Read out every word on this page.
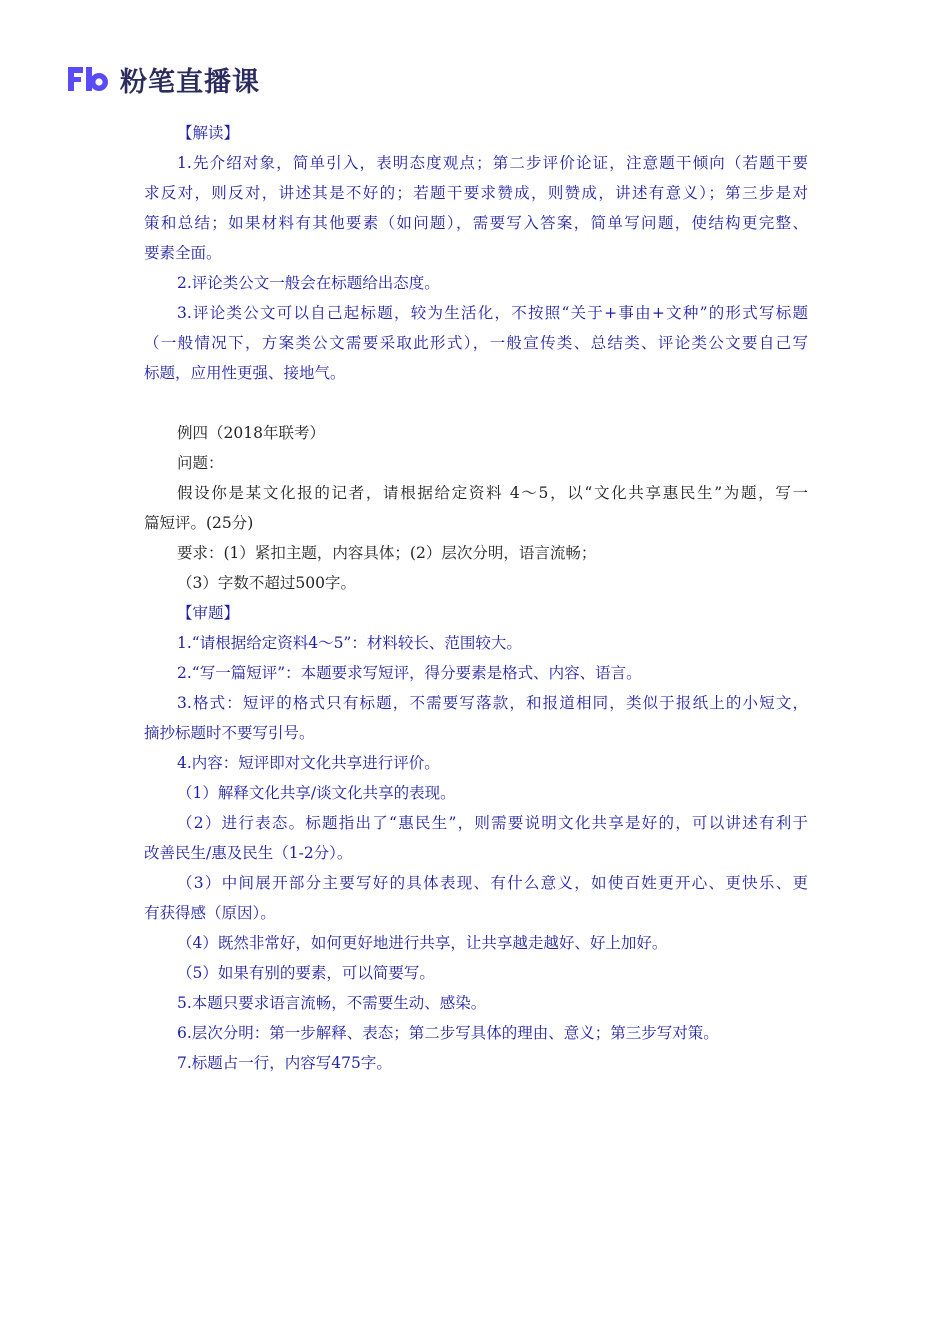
粉笔直播课
【解读】
1.先介绍对象，简单引入，表明态度观点；第二步评价论证，注意题干倾向（若题干要
求反对，则反对，讲述其是不好的；若题干要求赞成，则赞成，讲述有意义）；第三步是对
策和总结；如果材料有其他要素（如问题），需要写入答案，简单写问题，使结构更完整、
要素全面。
2.评论类公文一般会在标题给出态度。
3.评论类公文可以自己起标题，较为生活化，不按照“关于+事由+文种”的形式写标题
（一般情况下，方案类公文需要采取此形式），一般宣传类、总结类、评论类公文要自己写
标题，应用性更强、接地气。
例四（2018年联考）
问题：
假设你是某文化报的记者，请根据给定资料 4～5，以“文化共享惠民生”为题，写一
篇短评。(25分)
要求：(1）紧扣主题，内容具体；(2）层次分明，语言流畅；
（3）字数不超过500字。
【审题】
1.“请根据给定资料4～5”：材料较长、范围较大。
2.“写一篇短评”：本题要求写短评，得分要素是格式、内容、语言。
3.格式：短评的格式只有标题，不需要写落款，和报道相同，类似于报纸上的小短文，
摘抄标题时不要写引号。
4.内容：短评即对文化共享进行评价。
（1）解释文化共享/谈文化共享的表现。
（2）进行表态。标题指出了“惠民生”，则需要说明文化共享是好的，可以讲述有利于
改善民生/惠及民生（1-2分）。
（3）中间展开部分主要写好的具体表现、有什么意义，如使百姓更开心、更快乐、更
有获得感（原因）。
（4）既然非常好，如何更好地进行共享，让共享越走越好、好上加好。
（5）如果有别的要素，可以简要写。
5.本题只要求语言流畅，不需要生动、感染。
6.层次分明：第一步解释、表态；第二步写具体的理由、意义；第三步写对策。
7.标题占一行，内容写475字。
